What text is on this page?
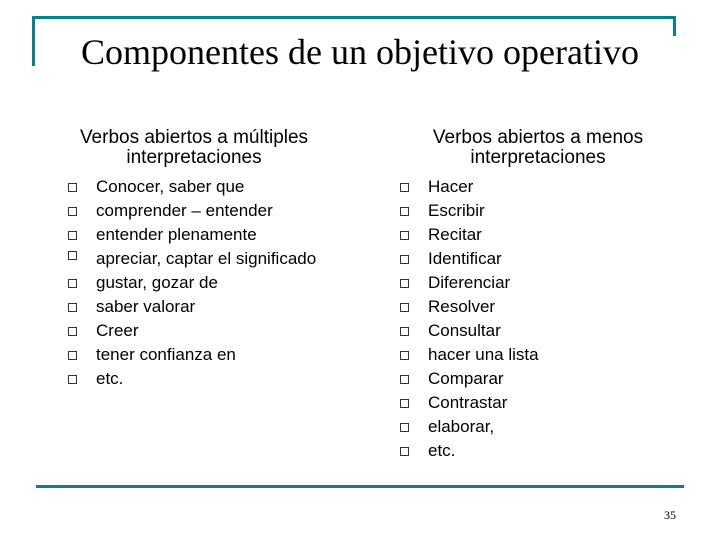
Componentes de un objetivo operativo
Verbos abiertos a múltiples interpretaciones
Verbos abiertos a menos interpretaciones
Conocer, saber que
comprender – entender
entender plenamente
apreciar, captar el significado
gustar, gozar de
saber valorar
Creer
tener confianza en
etc.
Hacer
Escribir
Recitar
Identificar
Diferenciar
Resolver
Consultar
hacer una lista
Comparar
Contrastar
elaborar,
etc.
35
